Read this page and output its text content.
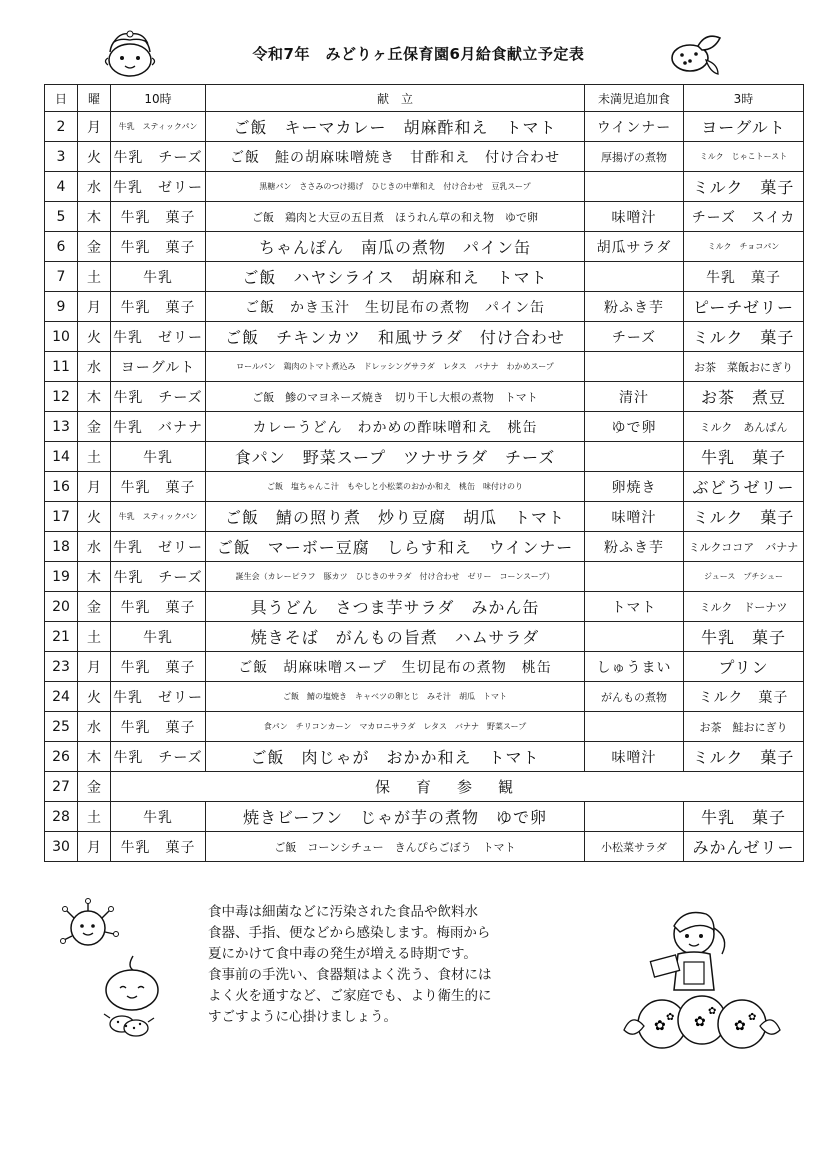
令和7年　みどりヶ丘保育園6月給食献立予定表
日	曜	10時	献　立	未満児追加食	3時
2	月	牛乳　スティックパン	ご飯　キーマカレー　胡麻酢和え　トマト	ウインナー	ヨーグルト
3	火	牛乳　チーズ	ご飯　鮭の胡麻味噌焼き　甘酢和え　付け合わせ	厚揚げの煮物	ミルク　じゃこトースト
4	水	牛乳　ゼリー	黒糖パン　ささみのつけ揚げ　ひじきの中華和え　付け合わせ　豆乳スープ		ミルク　菓子
5	木	牛乳　菓子	ご飯　鶏肉と大豆の五目煮　ほうれん草の和え物　ゆで卵	味噌汁	チーズ　スイカ
6	金	牛乳　菓子	ちゃんぽん　南瓜の煮物　パイン缶	胡瓜サラダ	ミルク　チョコパン
7	土	牛乳	ご飯　ハヤシライス　胡麻和え　トマト		牛乳　菓子
9	月	牛乳　菓子	ご飯　かき玉汁　生切昆布の煮物　パイン缶	粉ふき芋	ピーチゼリー
10	火	牛乳　ゼリー	ご飯　チキンカツ　和風サラダ　付け合わせ	チーズ	ミルク　菓子
11	水	ヨーグルト	ロールパン　鶏肉のトマト煮込み　ドレッシングサラダ　レタス　バナナ　わかめスープ		お茶　菜飯おにぎり
12	木	牛乳　チーズ	ご飯　鯵のマヨネーズ焼き　切り干し大根の煮物　トマト	清汁	お茶　煮豆
13	金	牛乳　バナナ	カレーうどん　わかめの酢味噌和え　桃缶	ゆで卵	ミルク　あんぱん
14	土	牛乳	食パン　野菜スープ　ツナサラダ　チーズ		牛乳　菓子
16	月	牛乳　菓子	ご飯　塩ちゃんこ汁　もやしと小松菜のおかか和え　桃缶　味付けのり	卵焼き	ぶどうゼリー
17	火	牛乳　スティックパン	ご飯　鯖の照り煮　炒り豆腐　胡瓜　トマト	味噌汁	ミルク　菓子
18	水	牛乳　ゼリー	ご飯　マーボー豆腐　しらす和え　ウインナー	粉ふき芋	ミルクココア　バナナ
19	木	牛乳　チーズ	誕生会（カレーピラフ　豚カツ　ひじきのサラダ　付け合わせ　ゼリー　コーンスープ）		ジュース　プチシュー
20	金	牛乳　菓子	具うどん　さつま芋サラダ　みかん缶	トマト	ミルク　ドーナツ
21	土	牛乳	焼きそば　がんもの旨煮　ハムサラダ		牛乳　菓子
23	月	牛乳　菓子	ご飯　胡麻味噌スープ　生切昆布の煮物　桃缶	しゅうまい	プリン
24	火	牛乳　ゼリー	ご飯　鯖の塩焼き　キャベツの卵とじ　みそ汁　胡瓜　トマト	がんもの煮物	ミルク　菓子
25	水	牛乳　菓子	食パン　チリコンカーン　マカロニサラダ　レタス　バナナ　野菜スープ		お茶　鮭おにぎり
26	木	牛乳　チーズ	ご飯　肉じゃが　おかか和え　トマト	味噌汁	ミルク　菓子
27	金	保育参観			
28	土	牛乳	焼きビーフン　じゃが芋の煮物　ゆで卵		牛乳　菓子
30	月	牛乳　菓子	ご飯　コーンシチュー　きんぴらごぼう　トマト	小松菜サラダ	みかんゼリー
食中毒は細菌などに汚染された食品や飲料水
食器、手指、便などから感染します。梅雨から
夏にかけて食中毒の発生が増える時期です。
食事前の手洗い、食器類はよく洗う、食材には
よく火を通すなど、ご家庭でも、より衛生的に
すごすように心掛けましょう。
✿
✿ ✿
✿
✿
✿
